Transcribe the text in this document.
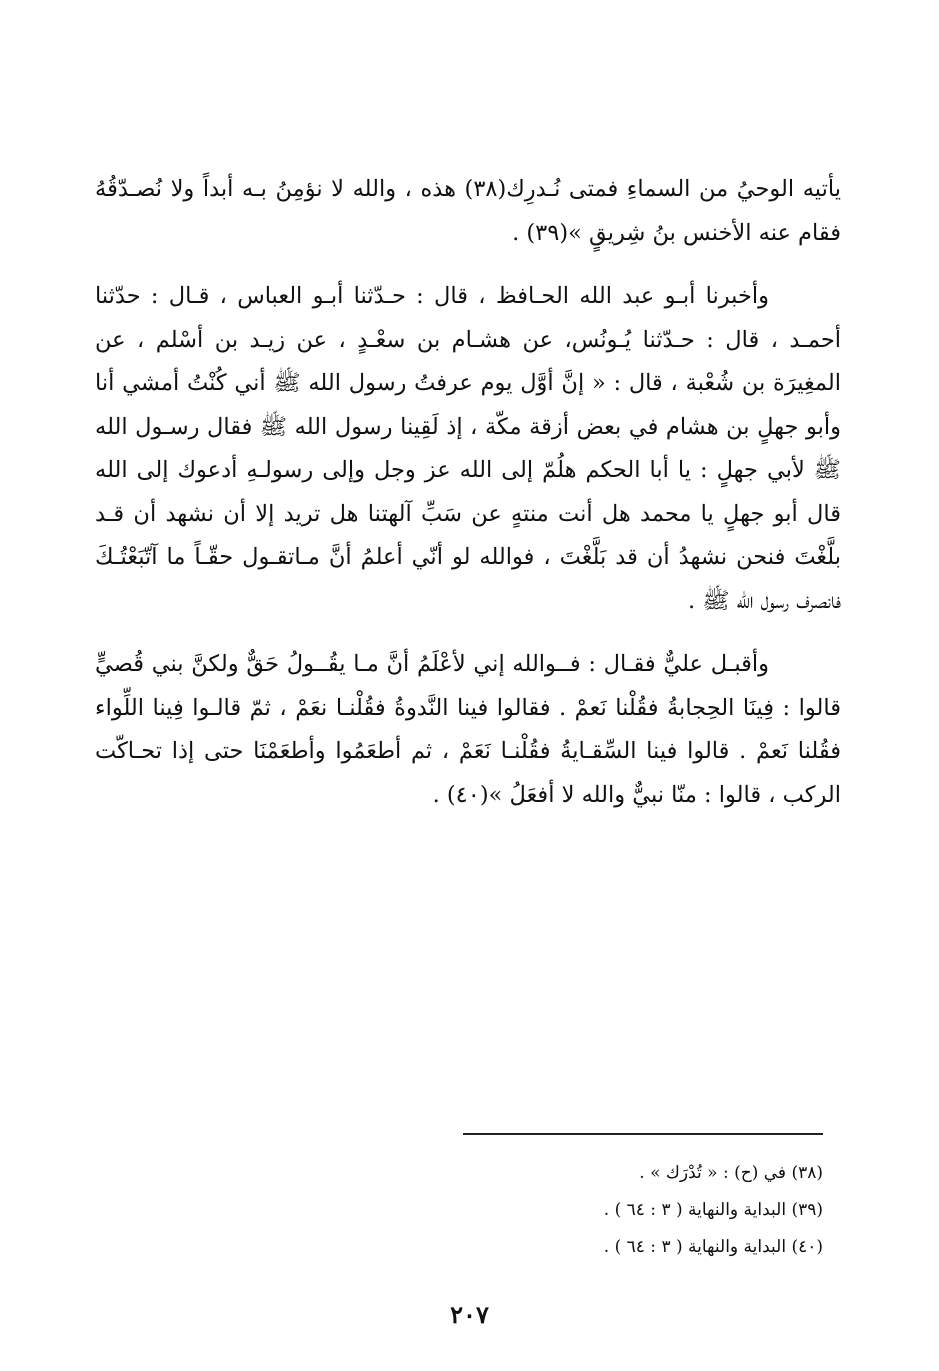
يأتيه الوحيُ من السماءِ فمتى نُـدرِك(٣٨) هذه ، والله لا نؤمِنُ بـه أبداً ولا نُصـدّقُهُ
فقام عنه الأخنس بنُ شِريقٍ »(٣٩) .
وأخبرنا أبـو عبد الله الحـافظ ، قال : حـدّثنا أبـو العباس ، قـال : حدّثنا
أحمـد ، قال : حـدّثنا يُـونُس، عن هشـام بن سعْـدٍ ، عن زيـد بن أسْلم ، عن
المغِيرَة بن شُعْبة ، قال : « إنَّ أوَّل يوم عرفتُ رسول الله ﷺ أني كُنْتُ أمشي أنا
وأبو جهلٍ بن هشام في بعض أزقة مكّة ، إذ لَقِينا رسول الله ﷺ فقال رسـول الله
ﷺ لأبي جهلٍ : يا أبا الحكم هلُمّ إلى الله عز وجل وإلى رسولـهِ أدعوك إلى الله
قال أبو جهلٍ يا محمد هل أنت منتهٍ عن سَبِّ آلهتنا هل تريد إلا أن نشهد أن قـد
بلَّغْتَ فنحن نشهدُ أن قد بَلَّغْتَ ، فوالله لو أنّي أعلمُ أنَّ مـاتقـول حقّـاً ما آتّبَعْتُـكَ
فانصرف رسول الله ﷺ .
وأقبـل عليٌّ فقـال : فــوالله إني لأعْلَمُ أنَّ مـا يقُــولُ حَقٌّ ولكنَّ بني قُصيٍّ
قالوا : فِينَا الحِجابةُ فقُلْنا نَعمْ . فقالوا فينا النَّدوةُ فقُلْنـا نعَمْ ، ثمّ قالـوا فِينا اللِّواء
فقُلنا نَعمْ . قالوا فينا السِّقـايةُ فقُلْنـا نَعَمْ ، ثم أطعَمُوا وأطعَمْنَا حتى إذا تحـاكّت
الركب ، قالوا : منّا نبيٌّ والله لا أفعَلُ »(٤٠) .
(٣٨) في (ح) : « تُدْرَك » .
(٣٩) البداية والنهاية ( ٣ : ٦٤ ) .
(٤٠) البداية والنهاية ( ٣ : ٦٤ ) .
٢٠٧
